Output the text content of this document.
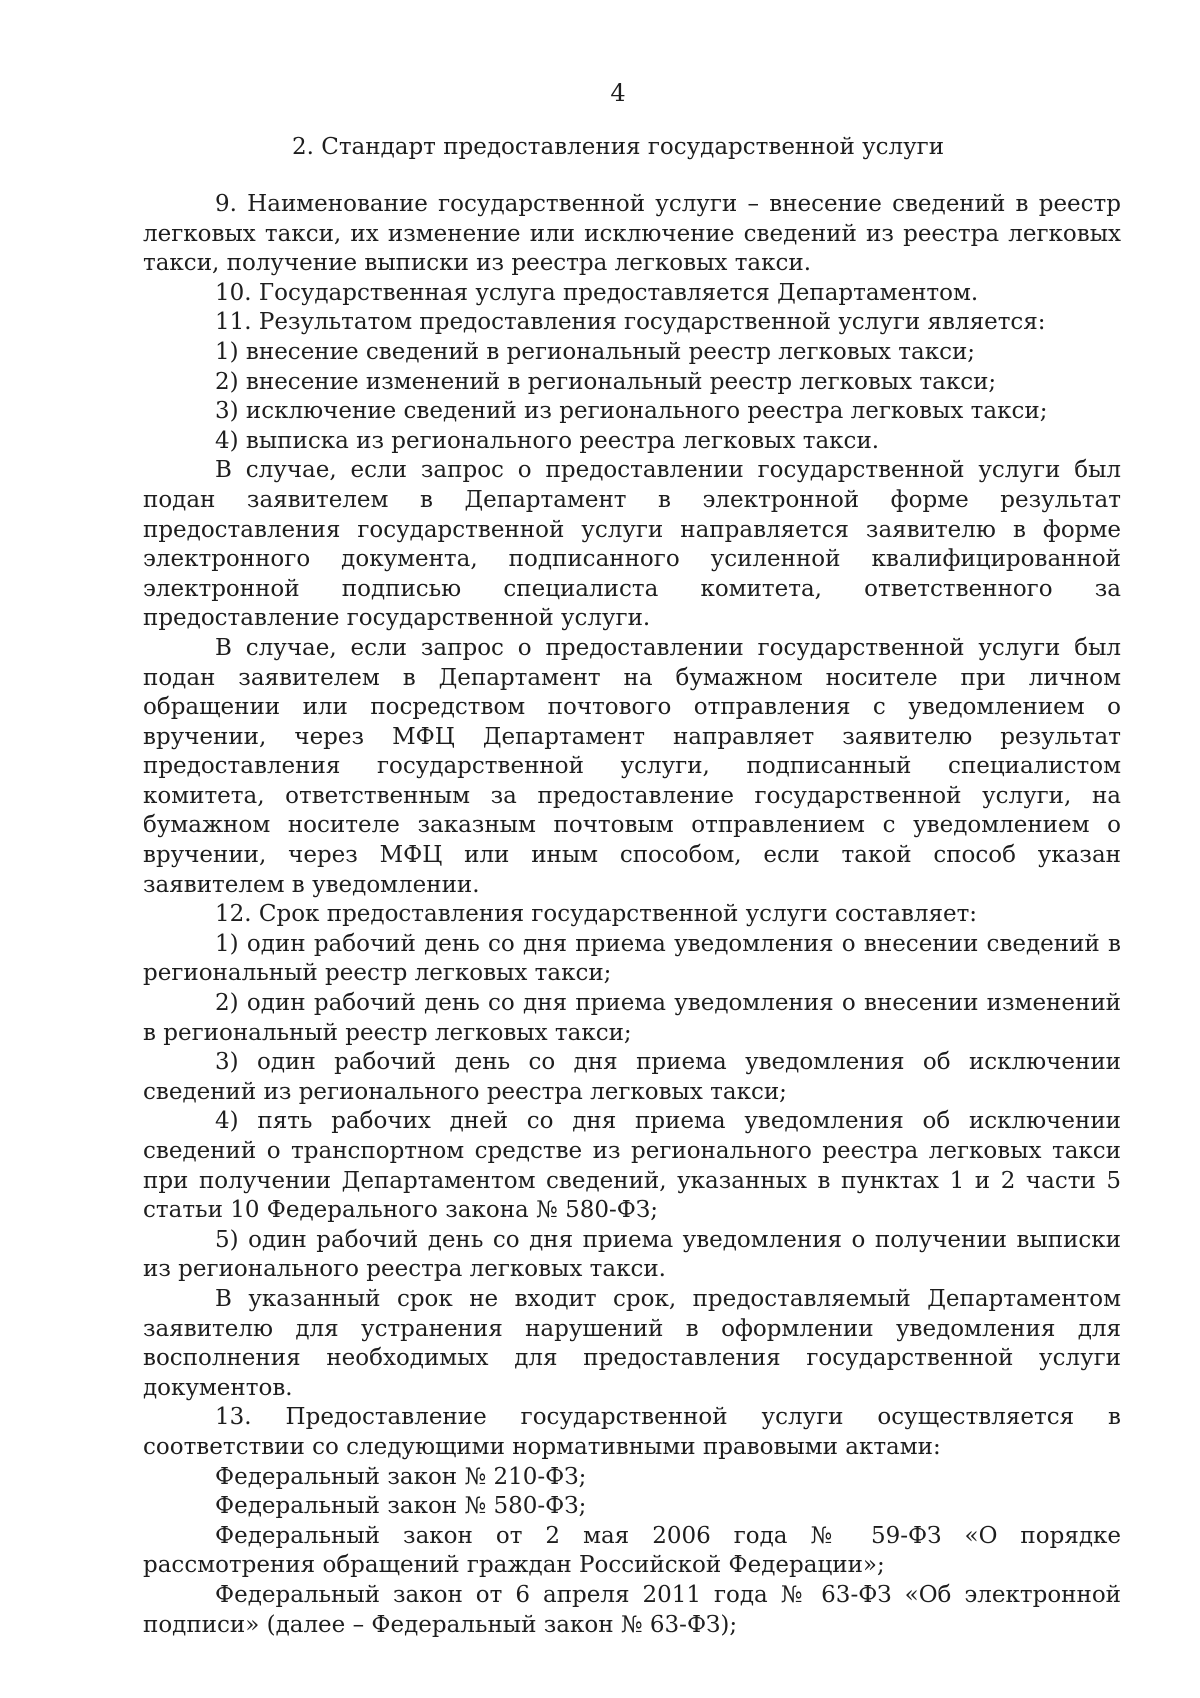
4
2. Стандарт предоставления государственной услуги

9. Наименование государственной услуги – внесение сведений в реестр легковых такси, их изменение или исключение сведений из реестра легковых такси, получение выписки из реестра легковых такси.

10. Государственная услуга предоставляется Департаментом.

11. Результатом предоставления государственной услуги является:

1) внесение сведений в региональный реестр легковых такси;

2) внесение изменений в региональный реестр легковых такси;

3) исключение сведений из регионального реестра легковых такси;

4) выписка из регионального реестра легковых такси.

В случае, если запрос о предоставлении государственной услуги был подан заявителем в Департамент в электронной форме результат предоставления государственной услуги направляется заявителю в форме электронного документа, подписанного усиленной квалифицированной электронной подписью специалиста комитета, ответственного за предоставление государственной услуги.

В случае, если запрос о предоставлении государственной услуги был подан заявителем в Департамент на бумажном носителе при личном обращении или посредством почтового отправления с уведомлением о вручении, через МФЦ Департамент направляет заявителю результат предоставления государственной услуги, подписанный специалистом комитета, ответственным за предоставление государственной услуги, на бумажном носителе заказным почтовым отправлением с уведомлением о вручении, через МФЦ или иным способом, если такой способ указан заявителем в уведомлении.

12. Срок предоставления государственной услуги составляет:

1) один рабочий день со дня приема уведомления о внесении сведений в региональный реестр легковых такси;

2) один рабочий день со дня приема уведомления о внесении изменений в региональный реестр легковых такси;

3) один рабочий день со дня приема уведомления об исключении сведений из регионального реестра легковых такси;

4) пять рабочих дней со дня приема уведомления об исключении сведений о транспортном средстве из регионального реестра легковых такси при получении Департаментом сведений, указанных в пунктах 1 и 2 части 5 статьи 10 Федерального закона № 580-ФЗ;

5) один рабочий день со дня приема уведомления о получении выписки из регионального реестра легковых такси.

В указанный срок не входит срок, предоставляемый Департаментом заявителю для устранения нарушений в оформлении уведомления для восполнения необходимых для предоставления государственной услуги документов.

13. Предоставление государственной услуги осуществляется в соответствии со следующими нормативными правовыми актами:

Федеральный закон № 210-ФЗ;

Федеральный закон № 580-ФЗ;

Федеральный закон от 2 мая 2006 года № 59-ФЗ «О порядке рассмотрения обращений граждан Российской Федерации»;

Федеральный закон от 6 апреля 2011 года № 63-ФЗ «Об электронной подписи» (далее – Федеральный закон № 63-ФЗ);
